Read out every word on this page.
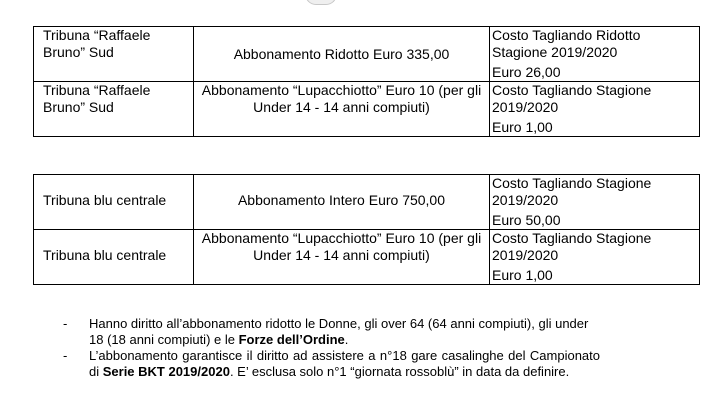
Tribuna “Raffaele Bruno” Sud	Abbonamento Ridotto Euro 335,00	Costo Tagliando Ridotto Stagione 2019/2020
Euro 26,00

Tribuna “Raffaele Bruno” Sud	Abbonamento “Lupacchiotto” Euro 10 (per gli Under 14 - 14 anni compiuti)	Costo Tagliando Stagione 2019/2020
Euro 1,00
Tribuna blu centrale	Abbonamento Intero Euro 750,00	Costo Tagliando Stagione 2019/2020
Euro 50,00

Tribuna blu centrale	Abbonamento “Lupacchiotto” Euro 10 (per gli Under 14 - 14 anni compiuti)	Costo Tagliando Stagione 2019/2020
Euro 1,00
- Hanno diritto all’abbonamento ridotto le Donne, gli over 64 (64 anni compiuti), gli under 18 (18 anni compiuti) e le Forze dell’Ordine.
- L’abbonamento garantisce il diritto ad assistere a n°18 gare casalinghe del Campionato di Serie BKT 2019/2020. E’ esclusa solo n°1 “giornata rossoblù” in data da definire.
